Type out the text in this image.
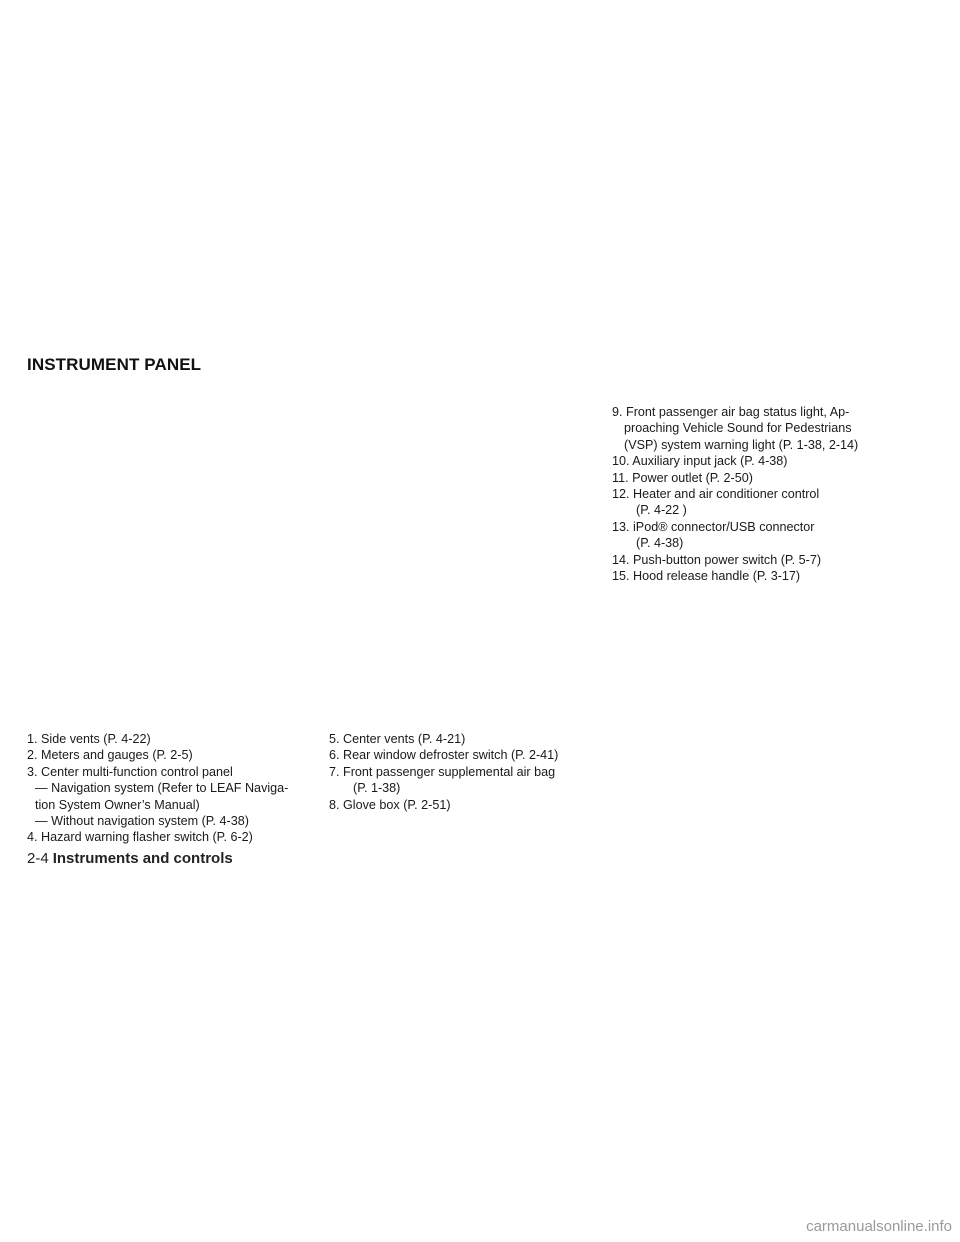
INSTRUMENT PANEL
1. Side vents (P. 4-22)
2. Meters and gauges (P. 2-5)
3. Center multi-function control panel
— Navigation system (Refer to LEAF Naviga-
tion System Owner’s Manual)
— Without navigation system (P. 4-38)
4. Hazard warning flasher switch (P. 6-2)
5. Center vents (P. 4-21)
6. Rear window defroster switch (P. 2-41)
7. Front passenger supplemental air bag
(P. 1-38)
8. Glove box (P. 2-51)
9. Front passenger air bag status light, Ap-
proaching Vehicle Sound for Pedestrians
(VSP) system warning light (P. 1-38, 2-14)
10. Auxiliary input jack (P. 4-38)
11. Power outlet (P. 2-50)
12. Heater and air conditioner control
(P. 4-22 )
13. iPod® connector/USB connector
(P. 4-38)
14. Push-button power switch (P. 5-7)
15. Hood release handle (P. 3-17)
2-4 Instruments and controls
carmanualsonline.info
